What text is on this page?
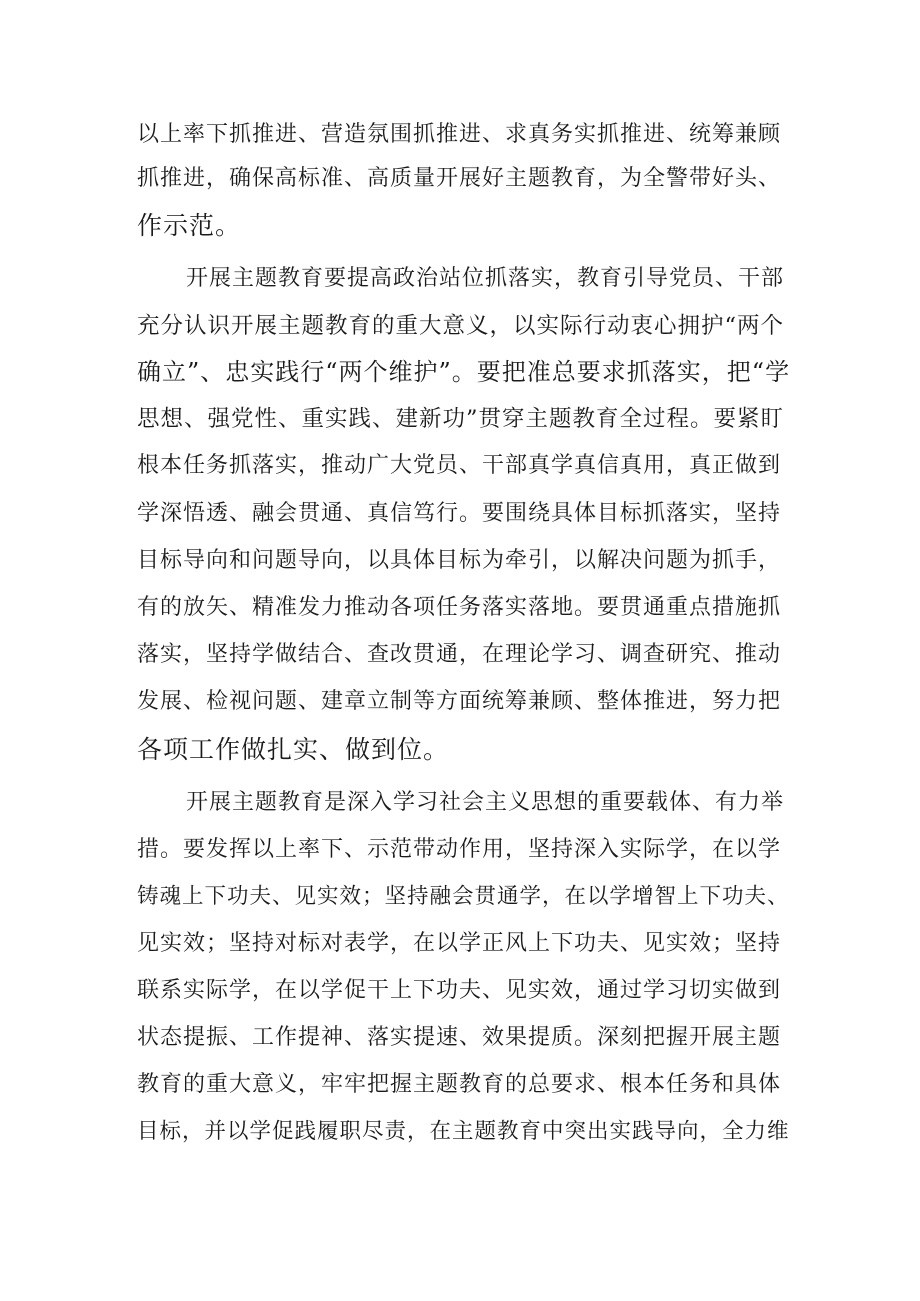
以上率下抓推进、营造氛围抓推进、求真务实抓推进、统筹兼顾
抓推进，确保高标准、高质量开展好主题教育，为全警带好头、
作示范。
开展主题教育要提高政治站位抓落实，教育引导党员、干部
充分认识开展主题教育的重大意义，以实际行动衷心拥护“两个
确立”、忠实践行“两个维护”。要把准总要求抓落实，把“学
思想、强党性、重实践、建新功”贯穿主题教育全过程。要紧盯
根本任务抓落实，推动广大党员、干部真学真信真用，真正做到
学深悟透、融会贯通、真信笃行。要围绕具体目标抓落实，坚持
目标导向和问题导向，以具体目标为牵引，以解决问题为抓手，
有的放矢、精准发力推动各项任务落实落地。要贯通重点措施抓
落实，坚持学做结合、查改贯通，在理论学习、调查研究、推动
发展、检视问题、建章立制等方面统筹兼顾、整体推进，努力把
各项工作做扎实、做到位。
开展主题教育是深入学习社会主义思想的重要载体、有力举
措。要发挥以上率下、示范带动作用，坚持深入实际学，在以学
铸魂上下功夫、见实效；坚持融会贯通学，在以学增智上下功夫、
见实效；坚持对标对表学，在以学正风上下功夫、见实效；坚持
联系实际学，在以学促干上下功夫、见实效，通过学习切实做到
状态提振、工作提神、落实提速、效果提质。深刻把握开展主题
教育的重大意义，牢牢把握主题教育的总要求、根本任务和具体
目标，并以学促践履职尽责，在主题教育中突出实践导向，全力维
